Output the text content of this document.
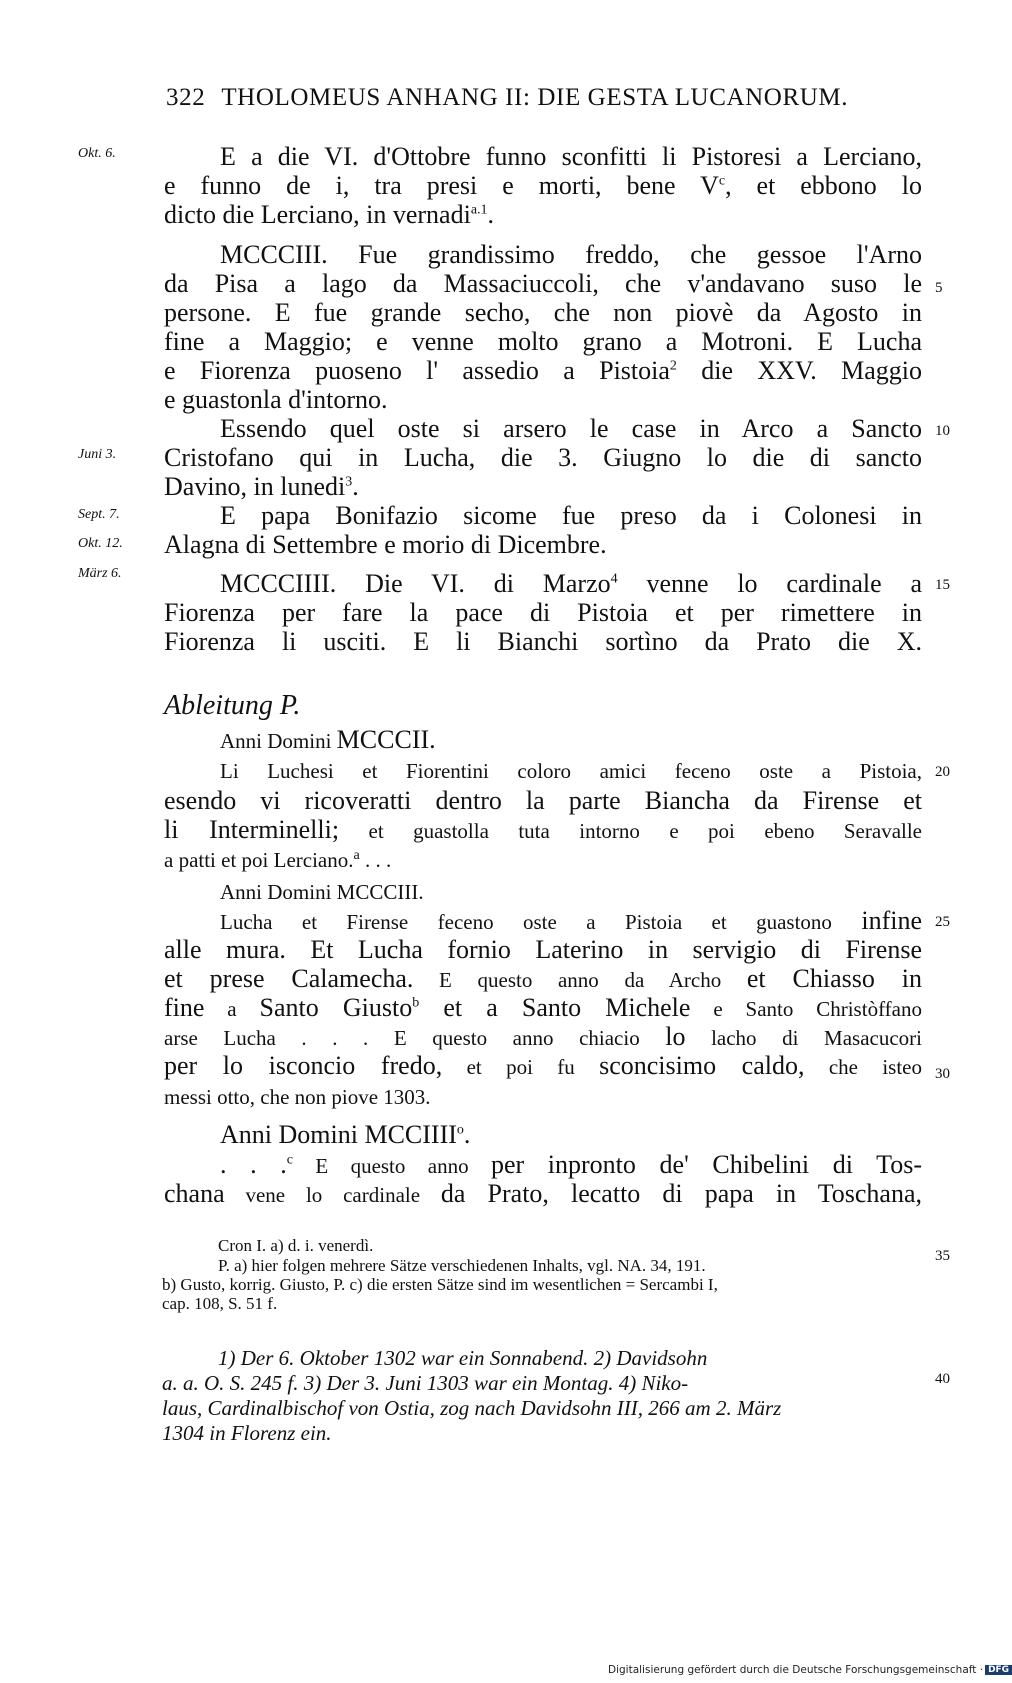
322 THOLOMEUS ANHANG II: DIE GESTA LUCANORUM.
Okt. 6.
Juni 3.
Sept. 7.
Okt. 12.
März 6.
5
10
15
20
25
30
35
40
E a die VI. d'Ottobre funno sconfitti li Pistoresi a Lerciano,
e funno de i, tra presi e morti, bene $V^c$, et ebbono lo
dicto die Lerciano, in vernadi$^{a.1}$.
MCCCIII. Fue grandissimo freddo, che gessoe l'Arno
da Pisa a lago da Massaciuccoli, che v'andavano suso le
persone. E fue grande secho, che non piovè da Agosto in
fine a Maggio; e venne molto grano a Motroni. E Lucha
e Fiorenza puoseno l' assedio a Pistoia$^2$ die XXV. Maggio
e guastonla d'intorno.
Essendo quel oste si arsero le case in Arco a Sancto
Cristofano qui in Lucha, die 3. Giugno lo die di sancto
Davino, in lunedi$^3$.
E papa Bonifazio sicome fue preso da i Colonesi in
Alagna di Settembre e morio di Dicembre.
MCCCIIII. Die VI. di Marzo$^4$ venne lo cardinale a
Fiorenza per fare la pace di Pistoia et per rimettere in
Fiorenza li usciti. E li Bianchi sortìno da Prato die X.
Ableitung P.
Anni Domini MCCCII.
Li Luchesi et Fiorentini coloro amici feceno oste a Pistoia,
esendo vi ricoveratti dentro la parte Biancha da Firense et
li Interminelli; et guastolla tuta intorno e poi ebeno Seravalle
a patti et poi Lerciano.$^a$ . . .
Anni Domini MCCCIII.
Lucha et Firense feceno oste a Pistoia et guastono infine
alle mura. Et Lucha fornio Laterino in servigio di Firense
et prese Calamecha. E questo anno da Archo et Chiasso in
fine a Santo Giusto$^b$ et a Santo Michele e Santo Christòffano
arse Lucha . . . E questo anno chiacio lo lacho di Masacucori
per lo isconcio fredo, et poi fu sconcisimo caldo, che isteo
messi otto, che non piove 1303.
Anni Domini MCCIIII$^o$.
. . .$^c$ E questo anno per inpronto de' Chibelini di Tos-
chana vene lo cardinale da Prato, lecatto di papa in Toschana,
Cron I. a) d. i. venerdì.
P. a) hier folgen mehrere Sätze verschiedenen Inhalts, vgl. NA. 34, 191.
b) Gusto, korrig. Giusto, P. c) die ersten Sätze sind im wesentlichen = Sercambi I,
cap. 108, S. 51 f.
1) Der 6. Oktober 1302 war ein Sonnabend. 2) Davidsohn
a. a. O. S. 245 f. 3) Der 3. Juni 1303 war ein Montag. 4) Niko-
laus, Cardinalbischof von Ostia, zog nach Davidsohn III, 266 am 2. März
1304 in Florenz ein.
Digitalisierung gefördert durch die Deutsche Forschungsgemeinschaft · DFG
